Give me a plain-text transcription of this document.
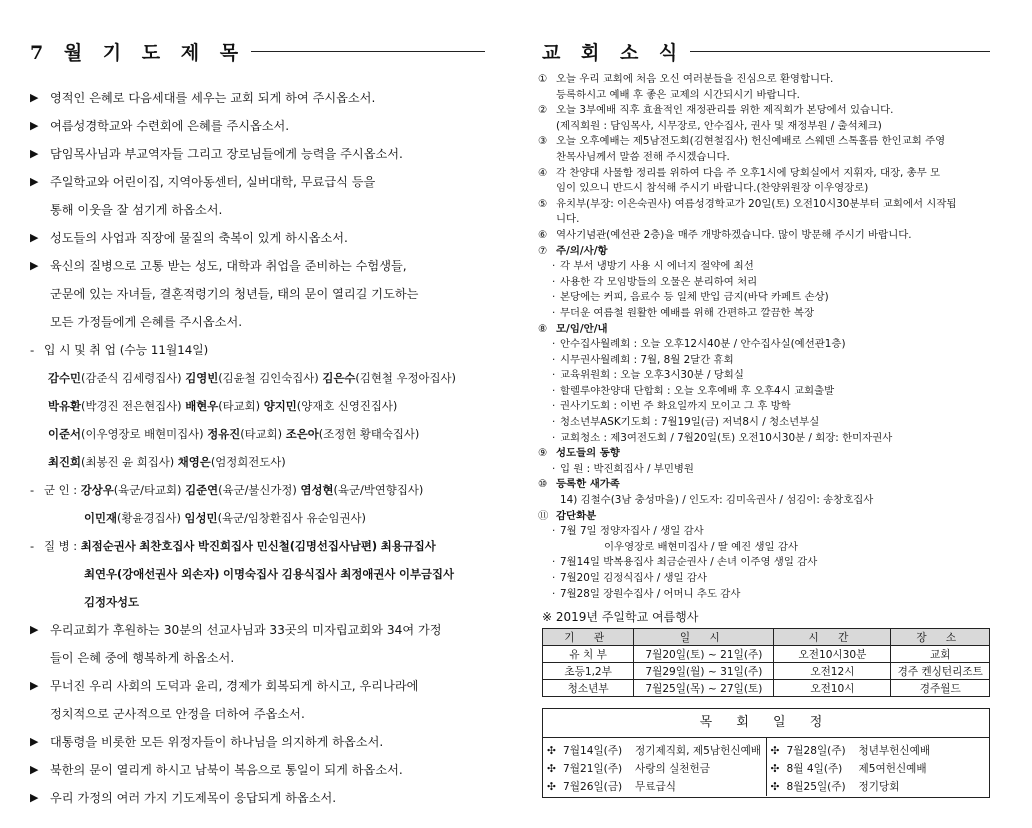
7 월 기 도 제 목
▶ 영적인 은혜로 다음세대를 세우는 교회 되게 하여 주시옵소서.
▶ 여름성경학교와 수련회에 은혜를 주시옵소서.
▶ 담임목사님과 부교역자들 그리고 장로님들에게 능력을 주시옵소서.
▶ 주일학교와 어린이집, 지역아동센터, 실버대학, 무료급식 등을
통해 이웃을 잘 섬기게 하옵소서.
▶ 성도들의 사업과 직장에 물질의 축복이 있게 하시옵소서.
▶ 육신의 질병으로 고통 받는 성도, 대학과 취업을 준비하는 수험생들,
군문에 있는 자녀들, 결혼적령기의 청년들, 태의 문이 열리길 기도하는
모든 가정들에게 은혜를 주시옵소서.
- 입 시 및 취 업 (수능 11월14일)
감수민(감준식 김세령집사) 김영빈(김윤철 김인숙집사) 김은수(김현철 우정아집사)
박유환(박경진 전은현집사) 배현우(타교회) 양지민(양재호 신영진집사)
이준서(이우영장로 배현미집사) 정유진(타교회) 조은아(조정헌 황태숙집사)
최진희(최봉진 윤 희집사) 채영은(엄정희전도사)
- 군 인 : 강상우(육군/타교회) 김준연(육군/불신가정) 염성현(육군/박연향집사)
이민재(황윤경집사) 임성민(육군/임창환집사 유순임권사)
- 질 병 : 최점순권사 최찬호집사 박진희집사 민신철(김명선집사남편) 최용규집사
최연우(강애선권사 외손자) 이명숙집사 김용식집사 최정애권사 이부금집사
김정자성도
▶ 우리교회가 후원하는 30분의 선교사님과 33곳의 미자립교회와 34여 가정
들이 은혜 중에 행복하게 하옵소서.
▶ 무너진 우리 사회의 도덕과 윤리, 경제가 회복되게 하시고, 우리나라에
정치적으로 군사적으로 안정을 더하여 주옵소서.
▶ 대통령을 비롯한 모든 위정자들이 하나님을 의지하게 하옵소서.
▶ 북한의 문이 열리게 하시고 남북이 복음으로 통일이 되게 하옵소서.
▶ 우리 가정의 여러 가지 기도제목이 응답되게 하옵소서.
교 회 소 식
① 오늘 우리 교회에 처음 오신 여러분들을 진심으로 환영합니다.
등록하시고 예배 후 좋은 교제의 시간되시기 바랍니다.
② 오늘 3부예배 직후 효율적인 재정관리를 위한 제직회가 본당에서 있습니다.
(제직회원 : 담임목사, 시무장로, 안수집사, 권사 및 재정부원 / 출석체크)
③ 오늘 오후예배는 제5남전도회(김현철집사) 헌신예배로 스웨덴 스톡홀름 한인교회 주영
찬목사님께서 말씀 전해 주시겠습니다.
④ 각 찬양대 사물함 정리를 위하여 다음 주 오후1시에 당회실에서 지휘자, 대장, 총무 모
임이 있으니 반드시 참석해 주시기 바랍니다.(찬양위원장 이우영장로)
⑤ 유치부(부장: 이은숙권사) 여름성경학교가 20일(토) 오전10시30분부터 교회에서 시작됩
니다.
⑥ 역사기념관(예선관 2층)을 매주 개방하겠습니다. 많이 방문해 주시기 바랍니다.
⑦ 주/의/사/항
· 각 부서 냉방기 사용 시 에너지 절약에 최선
· 사용한 각 모임방들의 오물은 분리하여 처리
· 본당에는 커피, 음료수 등 일체 반입 금지(바닥 카페트 손상)
· 무더운 여름철 원활한 예배를 위해 간편하고 깔끔한 복장
⑧ 모/임/안/내
· 안수집사월례회 : 오늘 오후12시40분 / 안수집사실(예선관1층)
· 시무권사월례회 : 7월, 8월 2달간 휴회
· 교육위원회 : 오늘 오후3시30분 / 당회실
· 할렐루야찬양대 단합회 : 오늘 오후예배 후 오후4시 교회출발
· 권사기도회 : 이번 주 화요일까지 모이고 그 후 방학
· 청소년부ASK기도회 : 7월19일(금) 저녁8시 / 청소년부실
· 교회청소 : 제3여전도회 / 7월20일(토) 오전10시30분 / 회장: 한미자권사
⑨ 성도들의 동향
· 입 원 : 박진희집사 / 부민병원
⑩ 등록한 새가족
14) 김철수(3남 충성마을) / 인도자: 김미옥권사 / 섬김이: 송창호집사
⑪ 감단화분
· 7월 7일 정양자집사 / 생일 감사
이우영장로 배현미집사 / 딸 예진 생일 감사
· 7월14일 박복용집사 최금순권사 / 손녀 이주영 생일 감사
· 7월20일 김정식집사 / 생일 감사
· 7월28일 장원수집사 / 어머니 추도 감사
※ 2019년 주일학교 여름행사
기 관	일 시	시 간	장 소
유 치 부	7월20일(토) ~ 21일(주)	오전10시30분	교회
초등1,2부	7월29일(월) ~ 31일(주)	오전12시	경주 켄싱턴리조트
청소년부	7월25일(목) ~ 27일(토)	오전10시	경주월드
목 회 일 정
✣ 7월14일(주)	정기제직회, 제5남헌신예배
✣ 7월21일(주)	사랑의 실천헌금
✣ 7월26일(금)	무료급식
✣ 7월28일(주)	청년부헌신예배
✣ 8월 4일(주)	제5여헌신예배
✣ 8월25일(주)	정기당회
